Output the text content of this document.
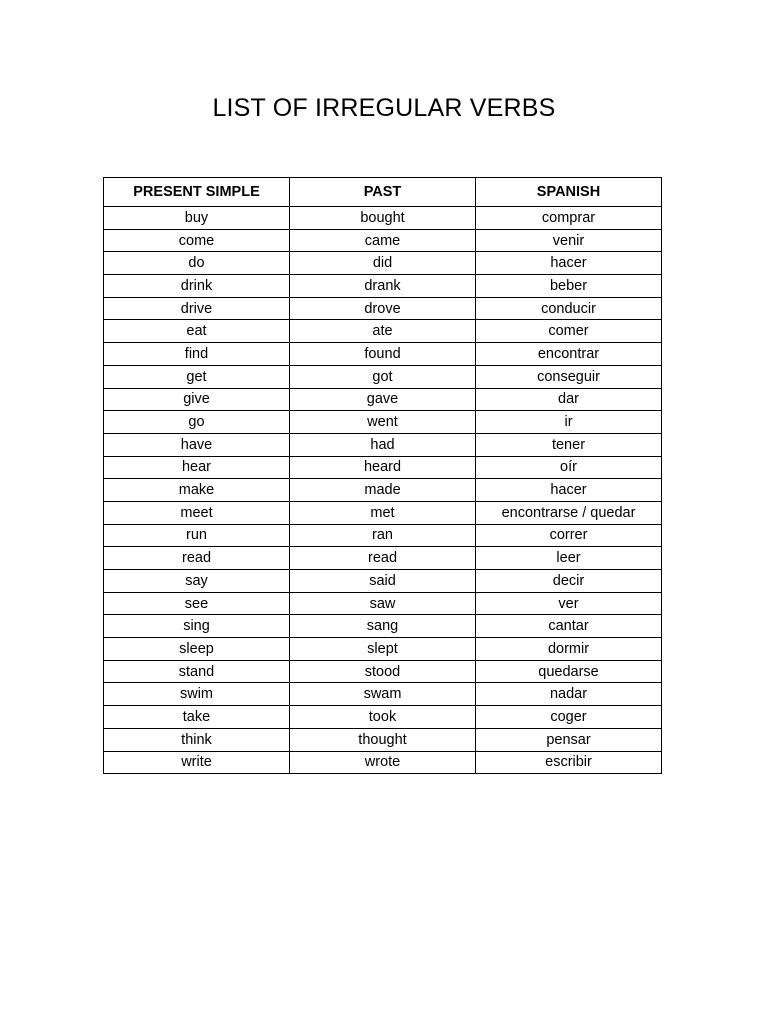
LIST OF IRREGULAR VERBS
PRESENT SIMPLE	PAST	SPANISH
buy	bought	comprar
come	came	venir
do	did	hacer
drink	drank	beber
drive	drove	conducir
eat	ate	comer
find	found	encontrar
get	got	conseguir
give	gave	dar
go	went	ir
have	had	tener
hear	heard	oír
make	made	hacer
meet	met	encontrarse / quedar
run	ran	correr
read	read	leer
say	said	decir
see	saw	ver
sing	sang	cantar
sleep	slept	dormir
stand	stood	quedarse
swim	swam	nadar
take	took	coger
think	thought	pensar
write	wrote	escribir
